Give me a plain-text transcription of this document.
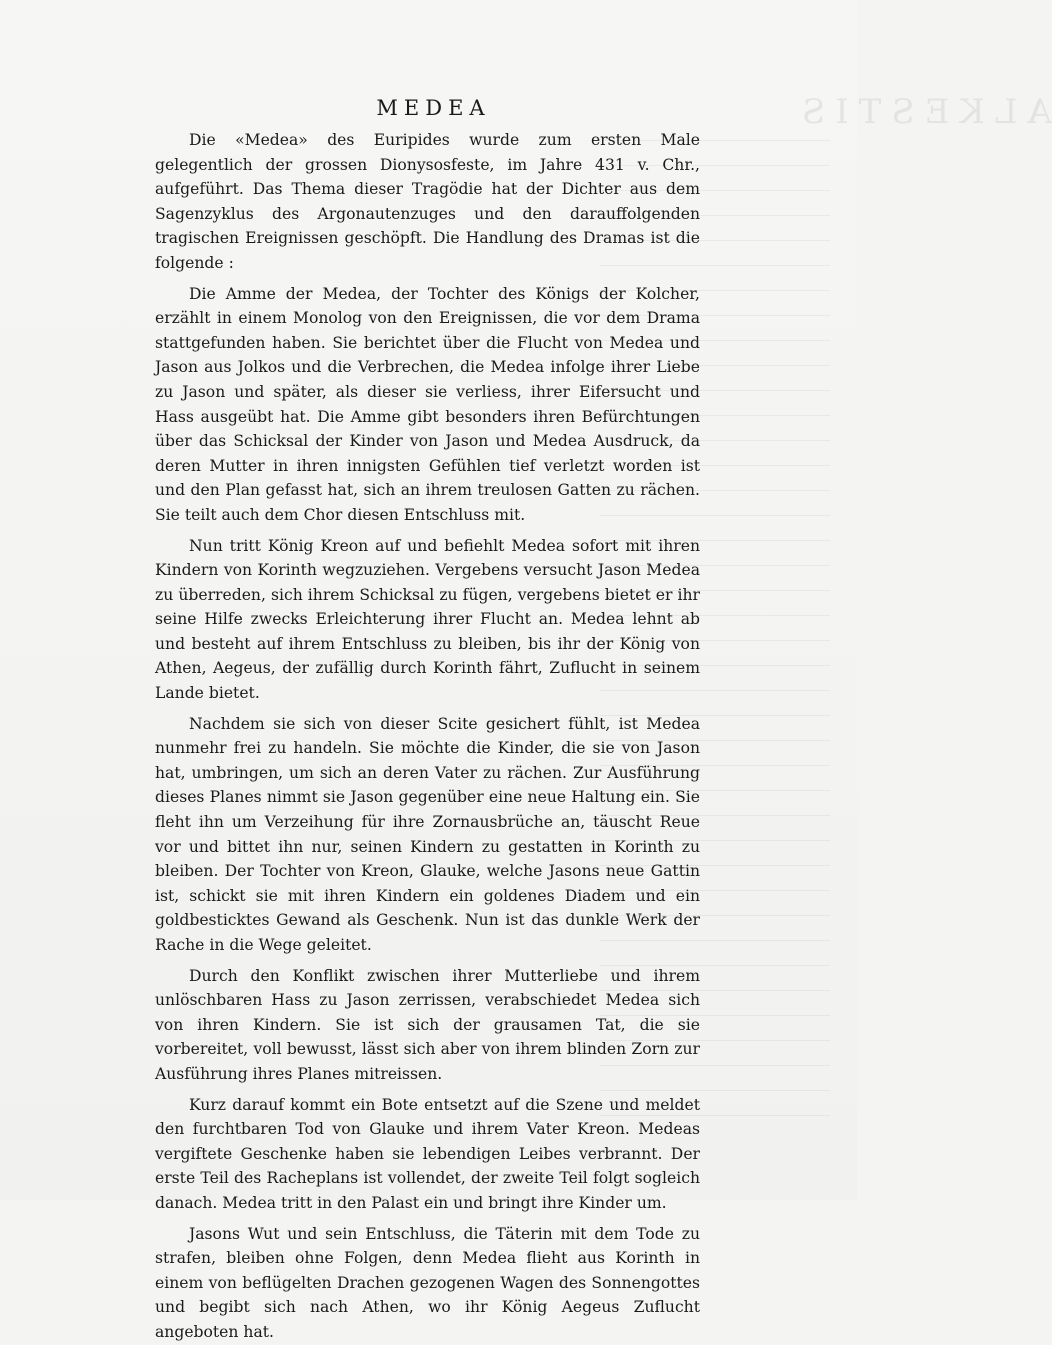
ALKESTIS
MEDEA

Die «Medea» des Euripides wurde zum ersten Male gelegentlich der grossen Dionysosfeste, im Jahre 431 v. Chr., aufgeführt. Das Thema dieser Tragödie hat der Dichter aus dem Sagenzyklus des Argonautenzuges und den darauffolgenden tragischen Ereignissen geschöpft. Die Handlung des Dramas ist die folgende :

Die Amme der Medea, der Tochter des Königs der Kolcher, erzählt in einem Monolog von den Ereignissen, die vor dem Drama stattgefunden haben. Sie berichtet über die Flucht von Medea und Jason aus Jolkos und die Verbrechen, die Medea infolge ihrer Liebe zu Jason und später, als dieser sie verliess, ihrer Eifersucht und Hass ausgeübt hat. Die Amme gibt besonders ihren Befürchtungen über das Schicksal der Kinder von Jason und Medea Ausdruck, da deren Mutter in ihren innigsten Gefühlen tief verletzt worden ist und den Plan gefasst hat, sich an ihrem treulosen Gatten zu rächen. Sie teilt auch dem Chor diesen Entschluss mit.

Nun tritt König Kreon auf und befiehlt Medea sofort mit ihren Kindern von Korinth wegzuziehen. Vergebens versucht Jason Medea zu überreden, sich ihrem Schicksal zu fügen, vergebens bietet er ihr seine Hilfe zwecks Erleichterung ihrer Flucht an. Medea lehnt ab und besteht auf ihrem Entschluss zu bleiben, bis ihr der König von Athen, Aegeus, der zufällig durch Korinth fährt, Zuflucht in seinem Lande bietet.

Nachdem sie sich von dieser Scite gesichert fühlt, ist Medea nunmehr frei zu handeln. Sie möchte die Kinder, die sie von Jason hat, umbringen, um sich an deren Vater zu rächen. Zur Ausführung dieses Planes nimmt sie Jason gegenüber eine neue Haltung ein. Sie fleht ihn um Verzeihung für ihre Zornausbrüche an, täuscht Reue vor und bittet ihn nur, seinen Kindern zu gestatten in Korinth zu bleiben. Der Tochter von Kreon, Glauke, welche Jasons neue Gattin ist, schickt sie mit ihren Kindern ein goldenes Diadem und ein goldbesticktes Gewand als Geschenk. Nun ist das dunkle Werk der Rache in die Wege geleitet.

Durch den Konflikt zwischen ihrer Mutterliebe und ihrem unlöschbaren Hass zu Jason zerrissen, verabschiedet Medea sich von ihren Kindern. Sie ist sich der grausamen Tat, die sie vorbereitet, voll bewusst, lässt sich aber von ihrem blinden Zorn zur Ausführung ihres Planes mitreissen.

Kurz darauf kommt ein Bote entsetzt auf die Szene und meldet den furchtbaren Tod von Glauke und ihrem Vater Kreon. Medeas vergiftete Geschenke haben sie lebendigen Leibes verbrannt. Der erste Teil des Racheplans ist vollendet, der zweite Teil folgt sogleich danach. Medea tritt in den Palast ein und bringt ihre Kinder um.

Jasons Wut und sein Entschluss, die Täterin mit dem Tode zu strafen, bleiben ohne Folgen, denn Medea flieht aus Korinth in einem von beflügelten Drachen gezogenen Wagen des Sonnengottes und begibt sich nach Athen, wo ihr König Aegeus Zuflucht angeboten hat.
